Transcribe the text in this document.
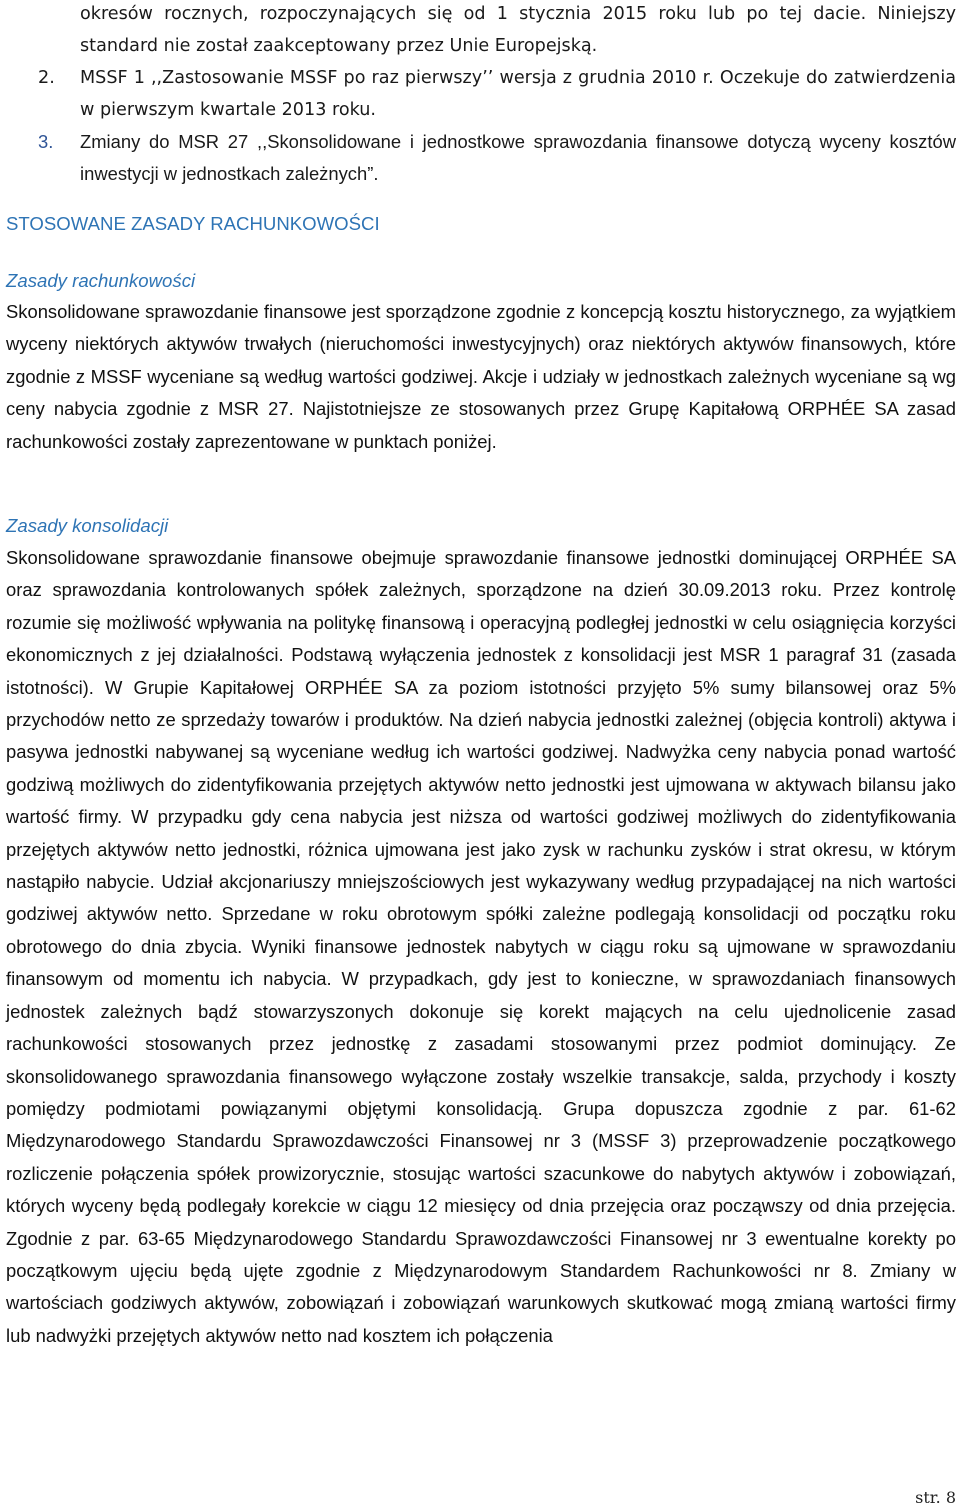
okresów rocznych, rozpoczynających się od 1 stycznia 2015 roku lub po tej dacie. Niniejszy standard nie został zaakceptowany przez Unie Europejską.
2. MSSF 1 ,,Zastosowanie MSSF po raz pierwszy’’ wersja z grudnia 2010 r. Oczekuje do zatwierdzenia w pierwszym kwartale 2013 roku.
3. Zmiany do MSR 27 ,,Skonsolidowane i jednostkowe sprawozdania finansowe dotyczą wyceny kosztów inwestycji w jednostkach zależnych”.
STOSOWANE ZASADY RACHUNKOWOŚCI
Zasady rachunkowości
Skonsolidowane sprawozdanie finansowe jest sporządzone zgodnie z koncepcją kosztu historycznego, za wyjątkiem wyceny niektórych aktywów trwałych (nieruchomości inwestycyjnych) oraz niektórych aktywów finansowych, które zgodnie z MSSF wyceniane są według wartości godziwej. Akcje i udziały w jednostkach zależnych wyceniane są wg ceny nabycia zgodnie z MSR 27. Najistotniejsze ze stosowanych przez Grupę Kapitałową ORPHÉE SA zasad rachunkowości zostały zaprezentowane w punktach poniżej.
Zasady konsolidacji
Skonsolidowane sprawozdanie finansowe obejmuje sprawozdanie finansowe jednostki dominującej ORPHÉE SA oraz sprawozdania kontrolowanych spółek zależnych, sporządzone na dzień 30.09.2013 roku. Przez kontrolę rozumie się możliwość wpływania na politykę finansową i operacyjną podległej jednostki w celu osiągnięcia korzyści ekonomicznych z jej działalności. Podstawą wyłączenia jednostek z konsolidacji jest MSR 1 paragraf 31 (zasada istotności). W Grupie Kapitałowej ORPHÉE SA za poziom istotności przyjęto 5% sumy bilansowej oraz 5% przychodów netto ze sprzedaży towarów i produktów. Na dzień nabycia jednostki zależnej (objęcia kontroli) aktywa i pasywa jednostki nabywanej są wyceniane według ich wartości godziwej. Nadwyżka ceny nabycia ponad wartość godziwą możliwych do zidentyfikowania przejętych aktywów netto jednostki jest ujmowana w aktywach bilansu jako wartość firmy. W przypadku gdy cena nabycia jest niższa od wartości godziwej możliwych do zidentyfikowania przejętych aktywów netto jednostki, różnica ujmowana jest jako zysk w rachunku zysków i strat okresu, w którym nastąpiło nabycie. Udział akcjonariuszy mniejszościowych jest wykazywany według przypadającej na nich wartości godziwej aktywów netto. Sprzedane w roku obrotowym spółki zależne podlegają konsolidacji od początku roku obrotowego do dnia zbycia. Wyniki finansowe jednostek nabytych w ciągu roku są ujmowane w sprawozdaniu finansowym od momentu ich nabycia. W przypadkach, gdy jest to konieczne, w sprawozdaniach finansowych jednostek zależnych bądź stowarzyszonych dokonuje się korekt mających na celu ujednolicenie zasad rachunkowości stosowanych przez jednostkę z zasadami stosowanymi przez podmiot dominujący. Ze skonsolidowanego sprawozdania finansowego wyłączone zostały wszelkie transakcje, salda, przychody i koszty pomiędzy podmiotami powiązanymi objętymi konsolidacją. Grupa dopuszcza zgodnie z par. 61-62 Międzynarodowego Standardu Sprawozdawczości Finansowej nr 3 (MSSF 3) przeprowadzenie początkowego rozliczenie połączenia spółek prowizorycznie, stosując wartości szacunkowe do nabytych aktywów i zobowiązań, których wyceny będą podlegały korekcie w ciągu 12 miesięcy od dnia przejęcia oraz począwszy od dnia przejęcia. Zgodnie z par. 63-65 Międzynarodowego Standardu Sprawozdawczości Finansowej nr 3 ewentualne korekty po początkowym ujęciu będą ujęte zgodnie z Międzynarodowym Standardem Rachunkowości nr 8. Zmiany w wartościach godziwych aktywów, zobowiązań i zobowiązań warunkowych skutkować mogą zmianą wartości firmy lub nadwyżki przejętych aktywów netto nad kosztem ich połączenia
str. 8
